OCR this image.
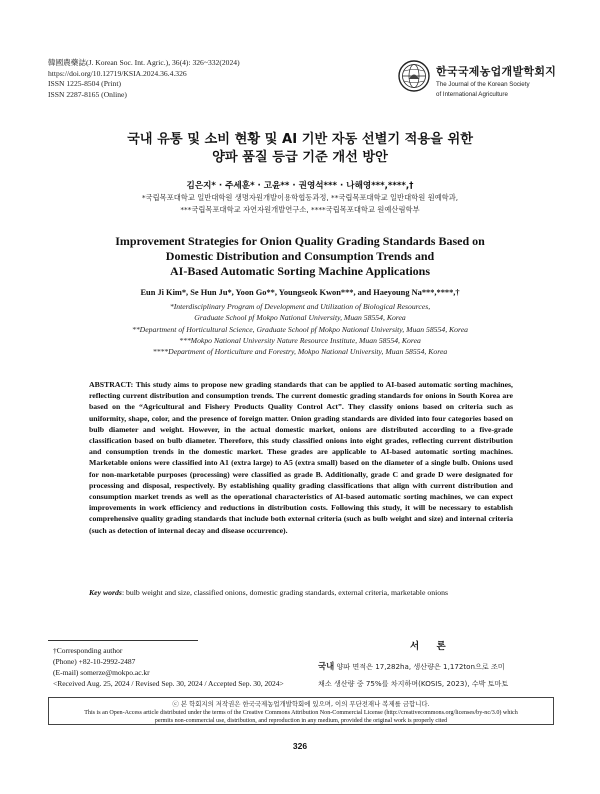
韓國農藥誌(J. Korean Soc. Int. Agric.), 36(4): 326~332(2024)
https://doi.org/10.12719/KSIA.2024.36.4.326
ISSN 1225-8504 (Print)
ISSN 2287-8165 (Online)
한국국제농업개발학회지
The Journal of the Korean Society
of International Agriculture
국내 유통 및 소비 현황 및 AI 기반 자동 선별기 적용을 위한
양파 품질 등급 기준 개선 방안
김은지* · 주세훈* · 고윤** · 권영석*** · 나해영***,****,†
*국립목포대학교 일반대학원 생명자원개발이용학협동과정, **국립목포대학교 일반대학원 원예학과,
***국립목포대학교 자연자원개발연구소, ****국립목포대학교 원예산림학부
Improvement Strategies for Onion Quality Grading Standards Based on
Domestic Distribution and Consumption Trends and
AI-Based Automatic Sorting Machine Applications
Eun Ji Kim*, Se Hun Ju*, Yoon Go**, Youngseok Kwon***, and Haeyoung Na***,****,†
*Interdisciplinary Program of Development and Utilization of Biological Resources,
Graduate School pf Mokpo National University, Muan 58554, Korea
**Department of Horticultural Science, Graduate School pf Mokpo National University, Muan 58554, Korea
***Mokpo National University Nature Resource Institute, Muan 58554, Korea
****Department of Horticulture and Forestry, Mokpo National University, Muan 58554, Korea
ABSTRACT: This study aims to propose new grading standards that can be applied to AI-based automatic sorting machines, reflecting current distribution and consumption trends. The current domestic grading standards for onions in South Korea are based on the “Agricultural and Fishery Products Quality Control Act”. They classify onions based on criteria such as uniformity, shape, color, and the presence of foreign matter. Onion grading standards are divided into four categories based on bulb diameter and weight. However, in the actual domestic market, onions are distributed according to a five-grade classification based on bulb diameter. Therefore, this study classified onions into eight grades, reflecting current distribution and consumption trends in the domestic market. These grades are applicable to AI-based automatic sorting machines. Marketable onions were classified into A1 (extra large) to A5 (extra small) based on the diameter of a single bulb. Onions used for non-marketable purposes (processing) were classified as grade B. Additionally, grade C and grade D were designated for processing and disposal, respectively. By establishing quality grading classifications that align with current distribution and consumption market trends as well as the operational characteristics of AI-based automatic sorting machines, we can expect improvements in work efficiency and reductions in distribution costs. Following this study, it will be necessary to establish comprehensive quality grading standards that include both external criteria (such as bulb weight and size) and internal criteria (such as detection of internal decay and disease occurrence).
Key words: bulb weight and size, classified onions, domestic grading standards, external criteria, marketable onions
†Corresponding author
(Phone) +82-10-2992-2487
(E-mail) somerze@mokpo.ac.kr
<Received Aug. 25, 2024 / Revised Sep. 30, 2024 / Accepted Sep. 30, 2024>
서 론
국내 양파 면적은 17,282ha, 생산량은 1,172ton으로 조미
채소 생산량 중 75%를 차지하며(KOSIS, 2023), 수박 토마토
ⓒ 본 학회지의 저작권은 한국국제농업개발학회에 있으며, 이의 무단전재나 복제를 금합니다.
This is an Open-Access article distributed under the terms of the Creative Commons Attribution Non-Commercial License (http://creativecommons.org/licenses/by-nc/3.0) which
permits non-commercial use, distribution, and reproduction in any medium, provided the original work is properly cited
326
